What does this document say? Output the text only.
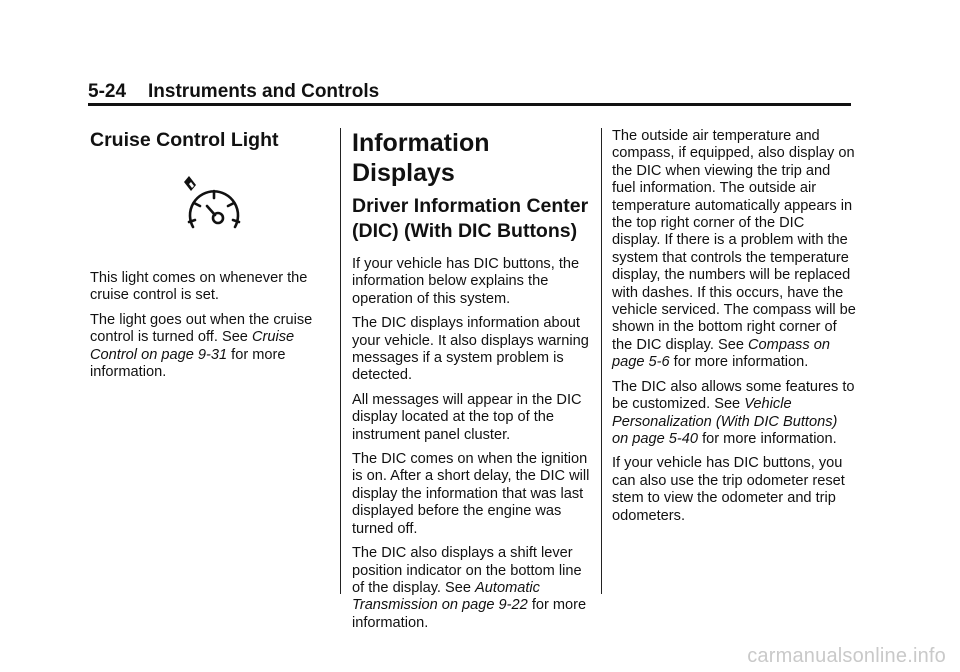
5-24 Instruments and Controls
Cruise Control Light

This light comes on whenever the cruise control is set.

The light goes out when the cruise control is turned off. See Cruise Control on page 9-31 for more information.

Information Displays
Driver Information Center (DIC) (With DIC Buttons)

If your vehicle has DIC buttons, the information below explains the operation of this system.

The DIC displays information about your vehicle. It also displays warning messages if a system problem is detected.

All messages will appear in the DIC display located at the top of the instrument panel cluster.

The DIC comes on when the ignition is on. After a short delay, the DIC will display the information that was last displayed before the engine was turned off.

The DIC also displays a shift lever position indicator on the bottom line of the display. See Automatic Transmission on page 9-22 for more information.

The outside air temperature and compass, if equipped, also display on the DIC when viewing the trip and fuel information. The outside air temperature automatically appears in the top right corner of the DIC display. If there is a problem with the system that controls the temperature display, the numbers will be replaced with dashes. If this occurs, have the vehicle serviced. The compass will be shown in the bottom right corner of the DIC display. See Compass on page 5-6 for more information.

The DIC also allows some features to be customized. See Vehicle Personalization (With DIC Buttons) on page 5-40 for more information.

If your vehicle has DIC buttons, you can also use the trip odometer reset stem to view the odometer and trip odometers.

carmanualsonline.info
